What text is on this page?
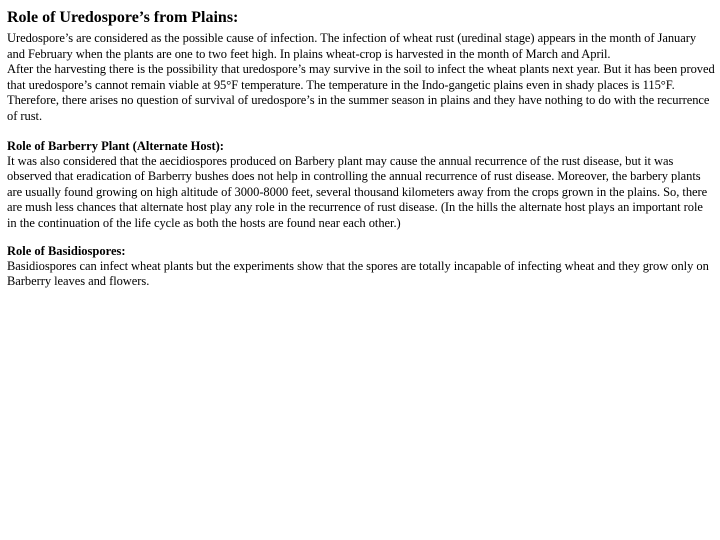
Role of Uredospore’s from Plains:

Uredospore’s are considered as the possible cause of infection. The infection of wheat rust (uredinal stage) appears in the month of January and February when the plants are one to two feet high. In plains wheat-crop is harvested in the month of March and April.

After the harvesting there is the possibility that uredospore’s may survive in the soil to infect the wheat plants next year. But it has been proved that uredospore’s cannot remain viable at 95°F temperature. The temperature in the Indo-gangetic plains even in shady places is 115°F. Therefore, there arises no question of survival of uredospore’s in the summer season in plains and they have nothing to do with the recurrence of rust.

Role of Barberry Plant (Alternate Host):

It was also considered that the aecidiospores produced on Barbery plant may cause the annual recurrence of the rust disease, but it was observed that eradication of Barberry bushes does not help in controlling the annual recurrence of rust disease. Moreover, the barbery plants are usually found growing on high altitude of 3000-8000 feet, several thousand kilometers away from the crops grown in the plains. So, there are mush less chances that alternate host play any role in the recurrence of rust disease. (In the hills the alternate host plays an important role in the continuation of the life cycle as both the hosts are found near each other.)

Role of Basidiospores:

Basidiospores can infect wheat plants but the experiments show that the spores are totally incapable of infecting wheat and they grow only on Barberry leaves and flowers.
